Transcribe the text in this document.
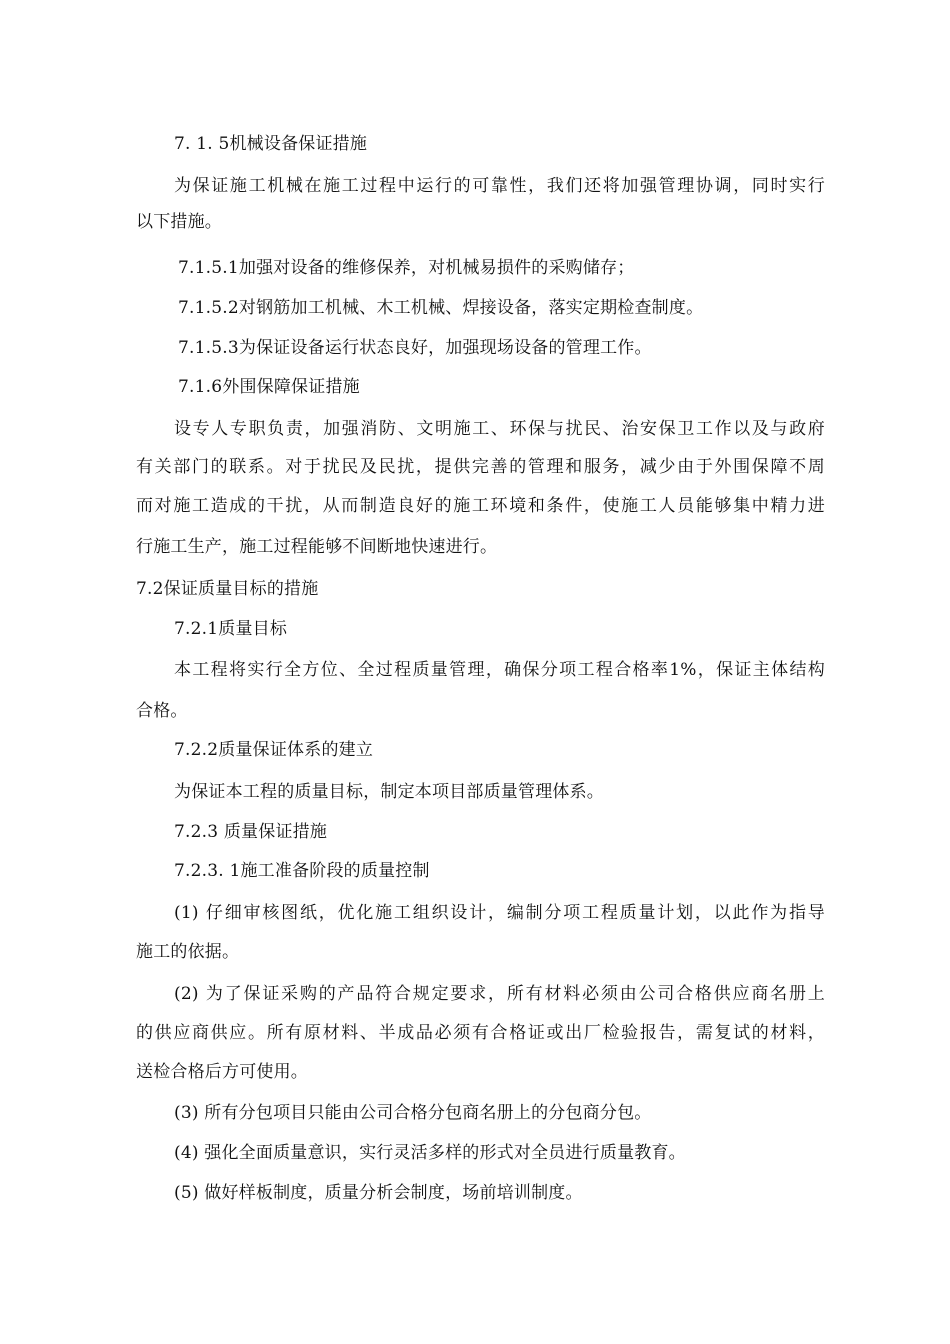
7. 1. 5机械设备保证措施
为保证施工机械在施工过程中运行的可靠性，我们还将加强管理协调，同时实行
以下措施。
7.1.5.1加强对设备的维修保养，对机械易损件的采购储存；
7.1.5.2对钢筋加工机械、木工机械、焊接设备，落实定期检查制度。
7.1.5.3为保证设备运行状态良好，加强现场设备的管理工作。
7.1.6外围保障保证措施
设专人专职负责，加强消防、文明施工、环保与扰民、治安保卫工作以及与政府
有关部门的联系。对于扰民及民扰，提供完善的管理和服务，减少由于外围保障不周
而对施工造成的干扰，从而制造良好的施工环境和条件，使施工人员能够集中精力进
行施工生产，施工过程能够不间断地快速进行。
7.2保证质量目标的措施
7.2.1质量目标
本工程将实行全方位、全过程质量管理，确保分项工程合格率1%，保证主体结构
合格。
7.2.2质量保证体系的建立
为保证本工程的质量目标，制定本项目部质量管理体系。
7.2.3 质量保证措施
7.2.3. 1施工准备阶段的质量控制
(1) 仔细审核图纸，优化施工组织设计，编制分项工程质量计划，以此作为指导
施工的依据。
(2) 为了保证采购的产品符合规定要求，所有材料必须由公司合格供应商名册上
的供应商供应。所有原材料、半成品必须有合格证或出厂检验报告，需复试的材料，
送检合格后方可使用。
(3) 所有分包项目只能由公司合格分包商名册上的分包商分包。
(4) 强化全面质量意识，实行灵活多样的形式对全员进行质量教育。
(5) 做好样板制度，质量分析会制度，场前培训制度。
